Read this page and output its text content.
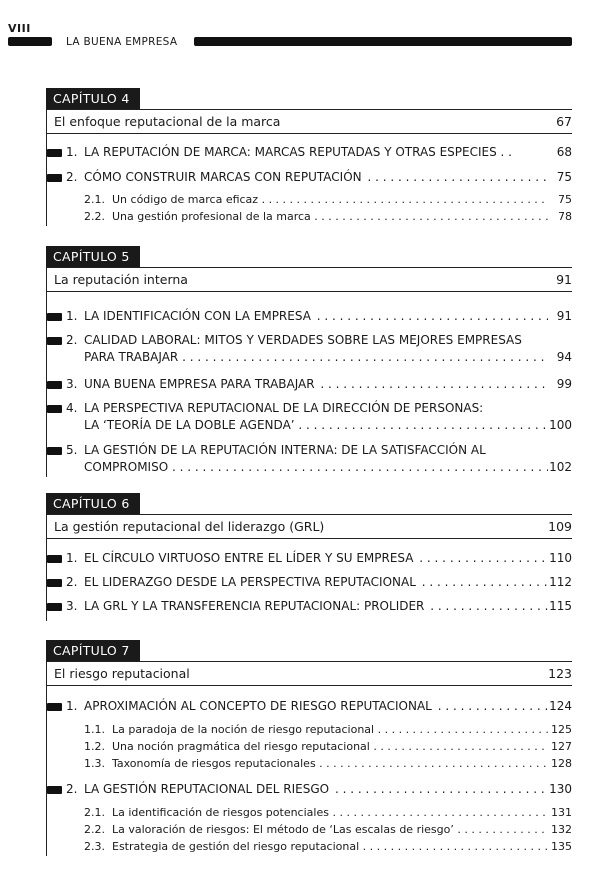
VIII
LA BUENA EMPRESA
CAPÍTULO 4
El enfoque reputacional de la marca	67
1. LA REPUTACIÓN DE MARCA: MARCAS REPUTADAS Y OTRAS ESPECIES . .	68
2. CÓMO CONSTRUIR MARCAS CON REPUTACIÓN . . .	75
2.1. Un código de marca eficaz . . .	75
2.2. Una gestión profesional de la marca . . .	78
CAPÍTULO 5
La reputación interna	91
1. LA IDENTIFICACIÓN CON LA EMPRESA . . .	91
2. CALIDAD LABORAL: MITOS Y VERDADES SOBRE LAS MEJORES EMPRESAS
PARA TRABAJAR . . .	94
3. UNA BUENA EMPRESA PARA TRABAJAR . . .	99
4. LA PERSPECTIVA REPUTACIONAL DE LA DIRECCIÓN DE PERSONAS:
LA ‘TEORÍA DE LA DOBLE AGENDA’ . . .	100
5. LA GESTIÓN DE LA REPUTACIÓN INTERNA: DE LA SATISFACCIÓN AL
COMPROMISO . . .	102
CAPÍTULO 6
La gestión reputacional del liderazgo (GRL)	109
1. EL CÍRCULO VIRTUOSO ENTRE EL LÍDER Y SU EMPRESA . . .	110
2. EL LIDERAZGO DESDE LA PERSPECTIVA REPUTACIONAL . . .	112
3. LA GRL Y LA TRANSFERENCIA REPUTACIONAL: PROLIDER . . .	115
CAPÍTULO 7
El riesgo reputacional	123
1. APROXIMACIÓN AL CONCEPTO DE RIESGO REPUTACIONAL . . .	124
1.1. La paradoja de la noción de riesgo reputacional . . .	125
1.2. Una noción pragmática del riesgo reputacional . . .	127
1.3. Taxonomía de riesgos reputacionales . . .	128
2. LA GESTIÓN REPUTACIONAL DEL RIESGO . . .	130
2.1. La identificación de riesgos potenciales . . .	131
2.2. La valoración de riesgos: El método de ‘Las escalas de riesgo’ . . .	132
2.3. Estrategia de gestión del riesgo reputacional . . .	135
